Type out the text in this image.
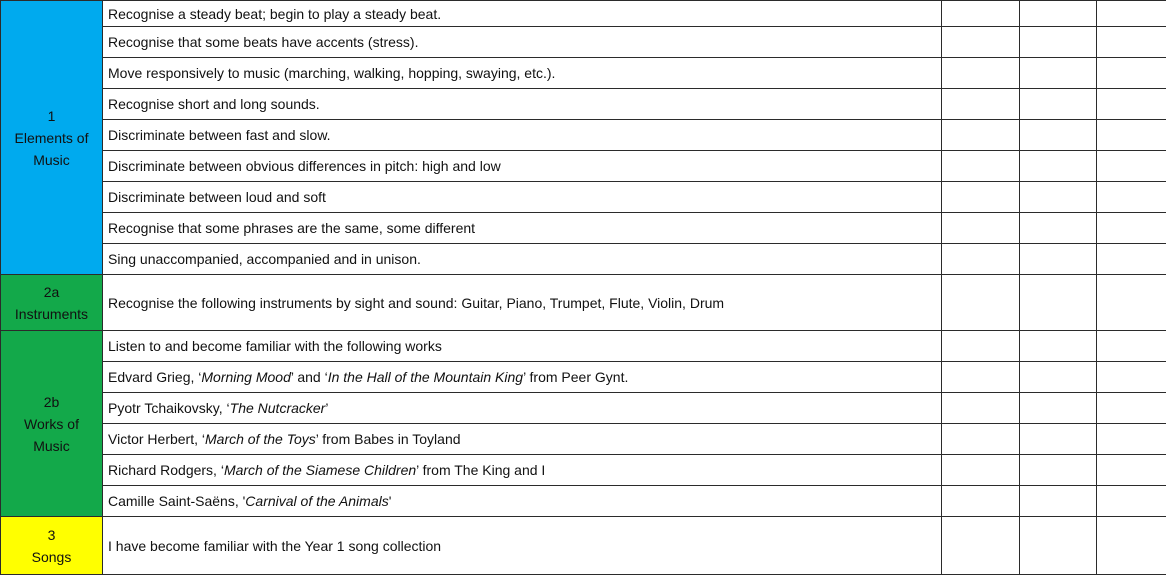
1
Elements of
Music	Recognise a steady beat; begin to play a steady beat.			
	Recognise that some beats have accents (stress).			
	Move responsively to music (marching, walking, hopping, swaying, etc.).			
	Recognise short and long sounds.			
	Discriminate between fast and slow.			
	Discriminate between obvious differences in pitch: high and low			
	Discriminate between loud and soft			
	Recognise that some phrases are the same, some different			
	Sing unaccompanied, accompanied and in unison.			
2a
Instruments	Recognise the following instruments by sight and sound: Guitar, Piano, Trumpet, Flute, Violin, Drum			
2b
Works of
Music	Listen to and become familiar with the following works			
	Edvard Grieg, ‘Morning Mood’ and ‘In the Hall of the Mountain King’ from Peer Gynt.			
	Pyotr Tchaikovsky, ‘The Nutcracker’			
	Victor Herbert, ‘March of the Toys’ from Babes in Toyland			
	Richard Rodgers, ‘March of the Siamese Children’ from The King and I			
	Camille Saint-Saëns, 'Carnival of the Animals'			
3
Songs	I have become familiar with the Year 1 song collection			
